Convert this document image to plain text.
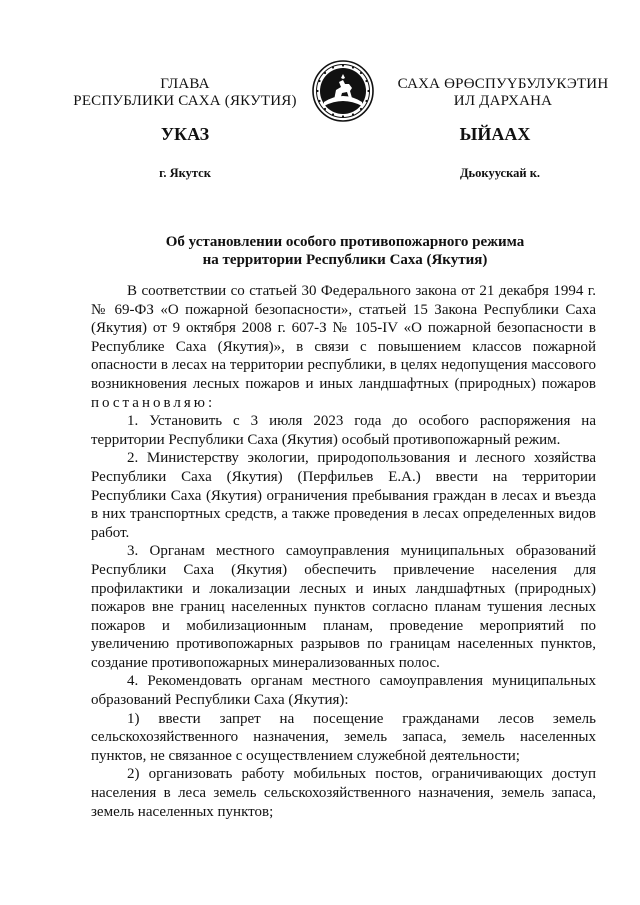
ГЛАВА
РЕСПУБЛИКИ САХА (ЯКУТИЯ)
САХА ӨРӨСПУҮБУЛУКЭТИН
ИЛ ДАРХАНА
УКАЗ	ЫЙААХ
г. Якутск	Дьокуускай к.
Об установлении особого противопожарного режима
на территории Республики Саха (Якутия)

В соответствии со статьей 30 Федерального закона от 21 декабря 1994 г. № 69-ФЗ «О пожарной безопасности», статьей 15 Закона Республики Саха (Якутия) от 9 октября 2008 г. 607-З № 105-IV «О пожарной безопасности в Республике Саха (Якутия)», в связи с повышением классов пожарной опасности в лесах на территории республики, в целях недопущения массового возникновения лесных пожаров и иных ландшафтных (природных) пожаров постановляю:

1. Установить с 3 июля 2023 года до особого распоряжения на территории Республики Саха (Якутия) особый противопожарный режим.

2. Министерству экологии, природопользования и лесного хозяйства Республики Саха (Якутия) (Перфильев Е.А.) ввести на территории Республики Саха (Якутия) ограничения пребывания граждан в лесах и въезда в них транспортных средств, а также проведения в лесах определенных видов работ.

3. Органам местного самоуправления муниципальных образований Республики Саха (Якутия) обеспечить привлечение населения для профилактики и локализации лесных и иных ландшафтных (природных) пожаров вне границ населенных пунктов согласно планам тушения лесных пожаров и мобилизационным планам, проведение мероприятий по увеличению противопожарных разрывов по границам населенных пунктов, создание противопожарных минерализованных полос.

4. Рекомендовать органам местного самоуправления муниципальных образований Республики Саха (Якутия):

1) ввести запрет на посещение гражданами лесов земель сельскохозяйственного назначения, земель запаса, земель населенных пунктов, не связанное с осуществлением служебной деятельности;

2) организовать работу мобильных постов, ограничивающих доступ населения в леса земель сельскохозяйственного назначения, земель запаса, земель населенных пунктов;
